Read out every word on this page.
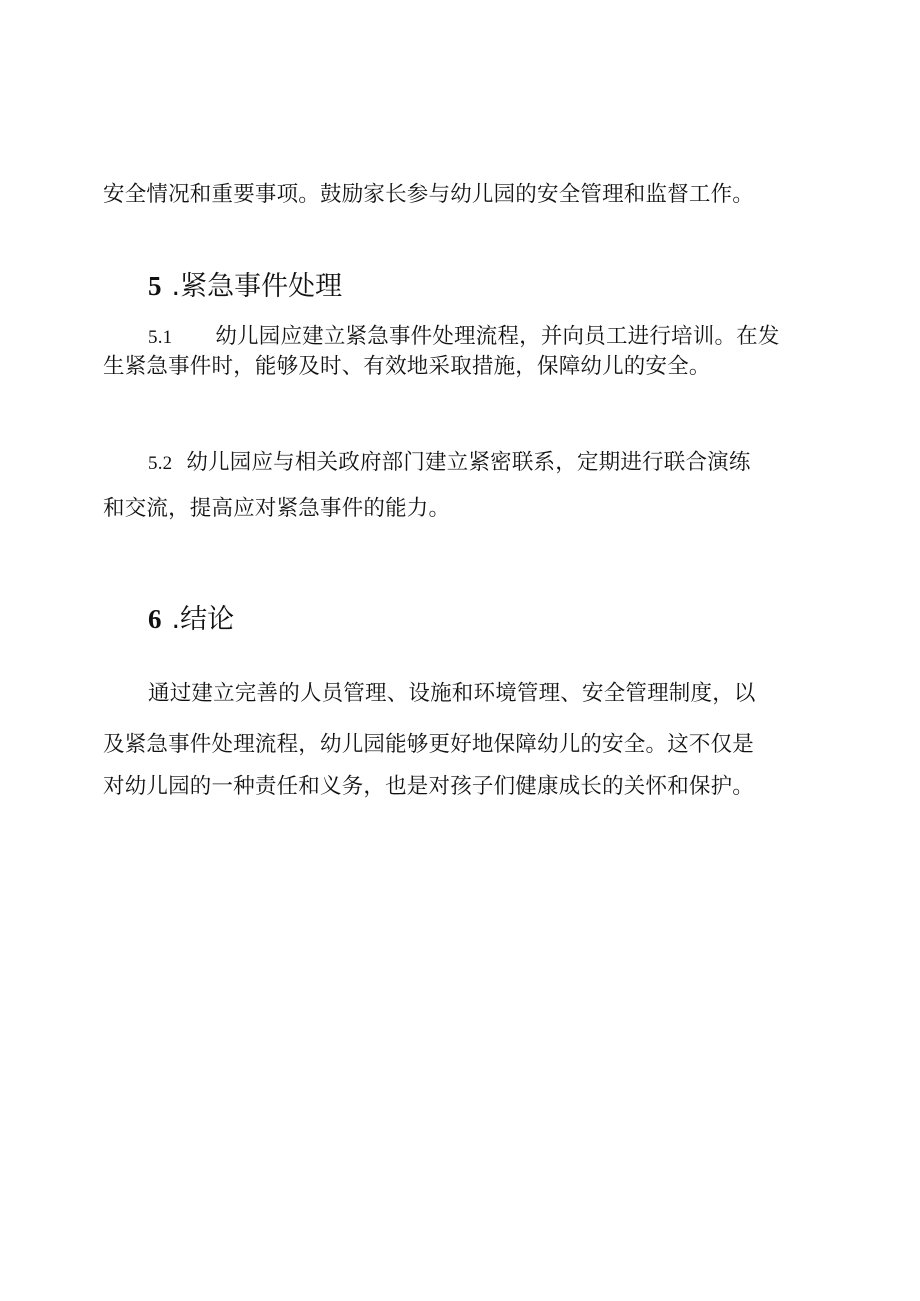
安全情况和重要事项。鼓励家长参与幼儿园的安全管理和监督工作。
5 .紧急事件处理
5.1 幼儿园应建立紧急事件处理流程，并向员工进行培训。在发
生紧急事件时，能够及时、有效地采取措施，保障幼儿的安全。
5.2 幼儿园应与相关政府部门建立紧密联系，定期进行联合演练
和交流，提高应对紧急事件的能力。
6 .结论
通过建立完善的人员管理、设施和环境管理、安全管理制度，以
及紧急事件处理流程，幼儿园能够更好地保障幼儿的安全。这不仅是
对幼儿园的一种责任和义务，也是对孩子们健康成长的关怀和保护。
